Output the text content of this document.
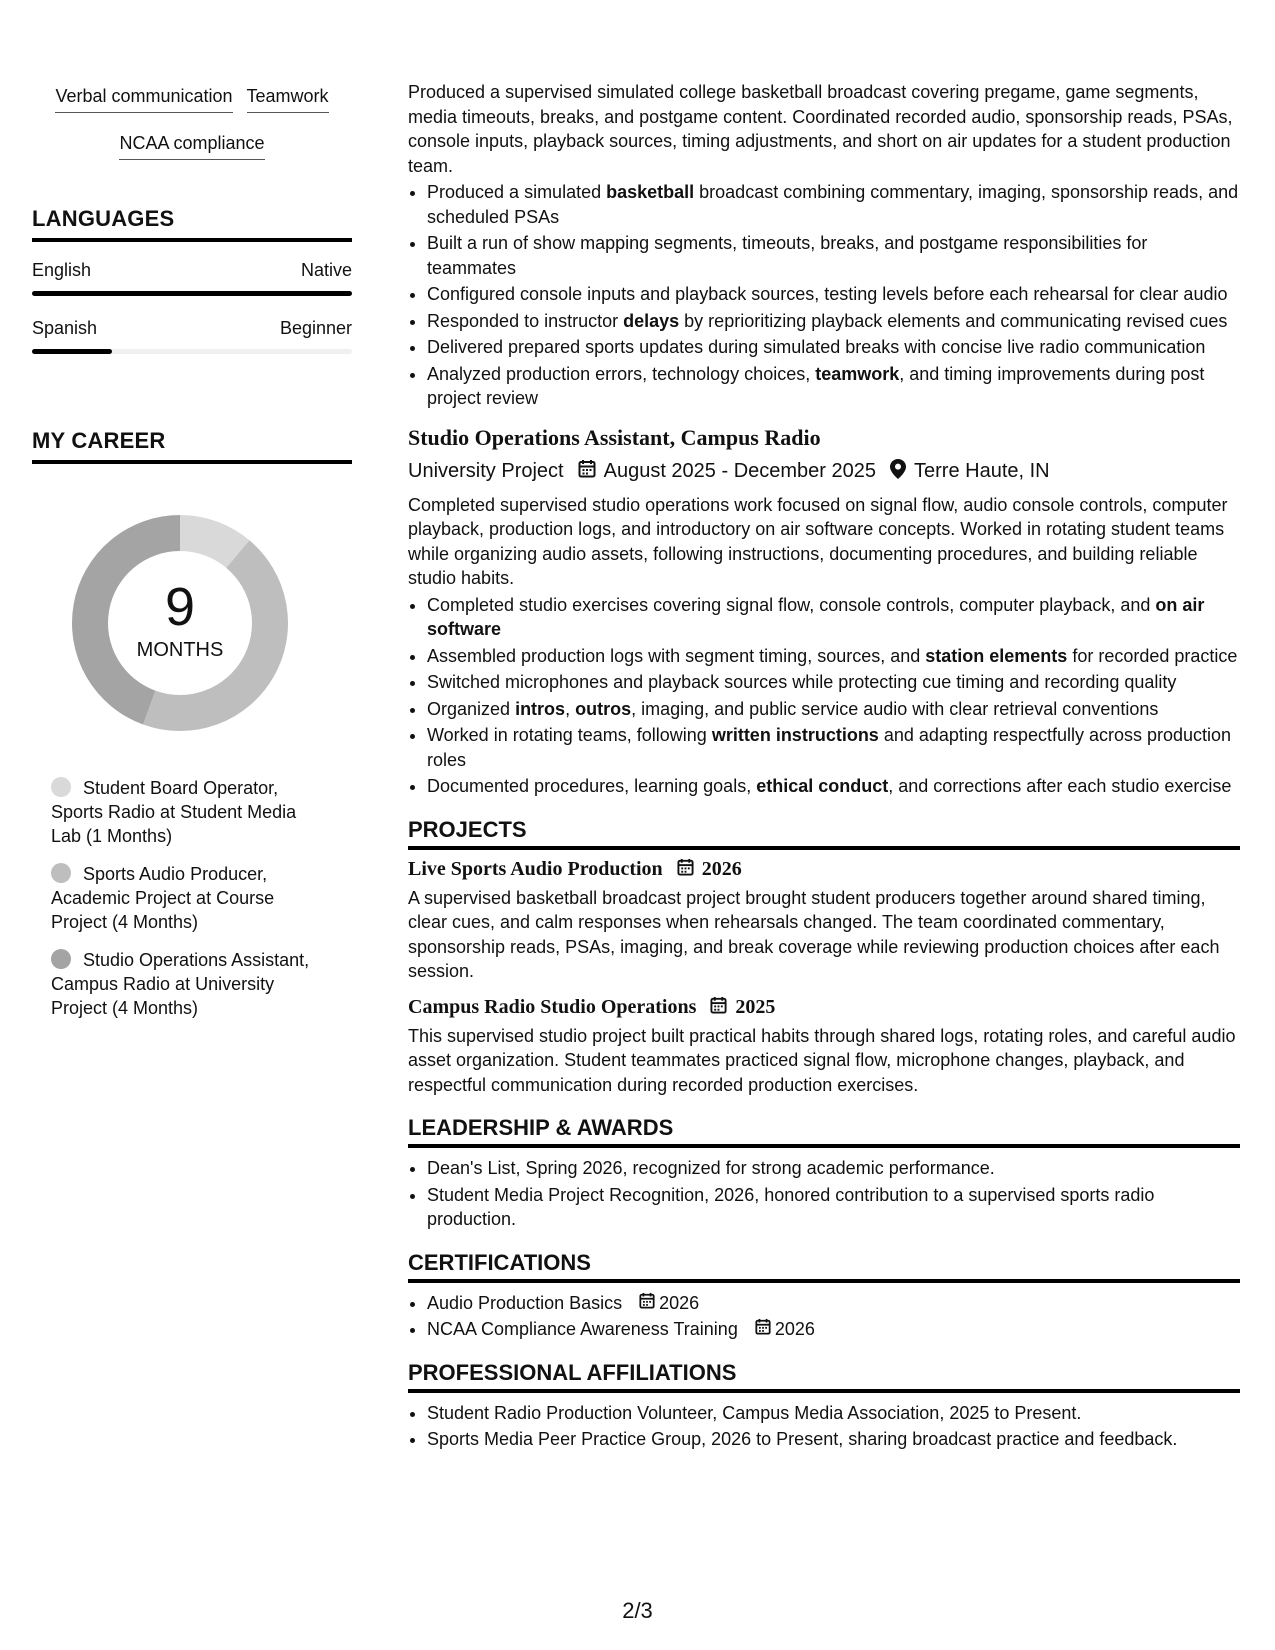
Verbal communication Teamwork
NCAA compliance
LANGUAGES
English	Native
Spanish	Beginner
MY CAREER
9
MONTHS
Student Board Operator, Sports Radio at Student Media Lab (1 Months)
Sports Audio Producer, Academic Project at Course Project (4 Months)
Studio Operations Assistant, Campus Radio at University Project (4 Months)

Produced a supervised simulated college basketball broadcast covering pregame, game segments, media timeouts, breaks, and postgame content. Coordinated recorded audio, sponsorship reads, PSAs, console inputs, playback sources, timing adjustments, and short on air updates for a student production team.

• Produced a simulated basketball broadcast combining commentary, imaging, sponsorship reads, and scheduled PSAs
• Built a run of show mapping segments, timeouts, breaks, and postgame responsibilities for teammates
• Configured console inputs and playback sources, testing levels before each rehearsal for clear audio
• Responded to instructor delays by reprioritizing playback elements and communicating revised cues
• Delivered prepared sports updates during simulated breaks with concise live radio communication
• Analyzed production errors, technology choices, teamwork, and timing improvements during post project review
Studio Operations Assistant, Campus Radio
University Project August 2025 - December 2025 Terre Haute, IN

Completed supervised studio operations work focused on signal flow, audio console controls, computer playback, production logs, and introductory on air software concepts. Worked in rotating student teams while organizing audio assets, following instructions, documenting procedures, and building reliable studio habits.

• Completed studio exercises covering signal flow, console controls, computer playback, and on air software
• Assembled production logs with segment timing, sources, and station elements for recorded practice
• Switched microphones and playback sources while protecting cue timing and recording quality
• Organized intros, outros, imaging, and public service audio with clear retrieval conventions
• Worked in rotating teams, following written instructions and adapting respectfully across production roles
• Documented procedures, learning goals, ethical conduct, and corrections after each studio exercise
PROJECTS
Live Sports Audio Production 2026

A supervised basketball broadcast project brought student producers together around shared timing, clear cues, and calm responses when rehearsals changed. The team coordinated commentary, sponsorship reads, PSAs, imaging, and break coverage while reviewing production choices after each session.

Campus Radio Studio Operations 2025

This supervised studio project built practical habits through shared logs, rotating roles, and careful audio asset organization. Student teammates practiced signal flow, microphone changes, playback, and respectful communication during recorded production exercises.

LEADERSHIP & AWARDS
• Dean's List, Spring 2026, recognized for strong academic performance.
• Student Media Project Recognition, 2026, honored contribution to a supervised sports radio production.
CERTIFICATIONS
• Audio Production Basics 2026
• NCAA Compliance Awareness Training 2026
PROFESSIONAL AFFILIATIONS
• Student Radio Production Volunteer, Campus Media Association, 2025 to Present.
• Sports Media Peer Practice Group, 2026 to Present, sharing broadcast practice and feedback.
2/3
